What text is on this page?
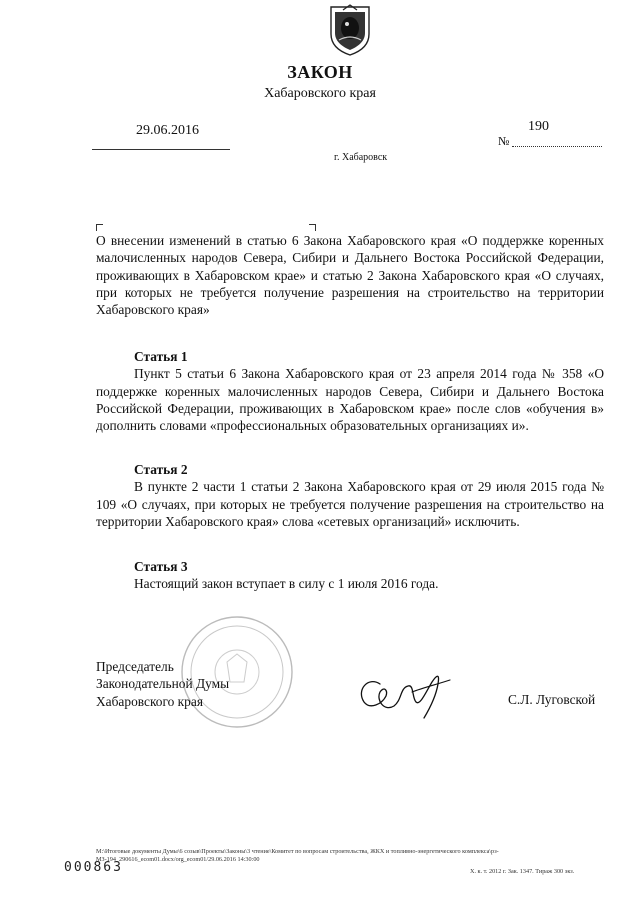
ЗАКОН
Хабаровского края
29.06.2016	190
№
г. Хабаровск

О внесении изменений в статью 6 Закона Хабаровского края «О поддержке коренных малочисленных народов Севера, Сибири и Дальнего Востока Российской Федерации, проживающих в Хабаровском крае» и статью 2 Закона Хабаровского края «О случаях, при которых не требуется получение разрешения на строительство на территории Хабаровского края»

Статья 1

Пункт 5 статьи 6 Закона Хабаровского края от 23 апреля 2014 года № 358 «О поддержке коренных малочисленных народов Севера, Сибири и Дальнего Востока Российской Федерации, проживающих в Хабаровском крае» после слов «обучения в» дополнить словами «профессиональных образовательных организациях и».

Статья 2

В пункте 2 части 1 статьи 2 Закона Хабаровского края от 29 июля 2015 года № 109 «О случаях, при которых не требуется получение разрешения на строительство на территории Хабаровского края» слова «сетевых организаций» исключить.

Статья 3

Настоящий закон вступает в силу с 1 июля 2016 года.

Председатель
Законодательной Думы
Хабаровского края	С.Л. Луговской
M:\Итоговые документы Думы\6 созыв\Проекты\Законы\3 чтение\Комитет по вопросам строительства, ЖКХ и топливно-энергетического комплекса\рз-МЗ-194_290616_ecom01.docx/org_ecom01/29.06.2016 14:30:00
000863	Х. к. т. 2012 г. Зак. 1347. Тираж 300 экз.
